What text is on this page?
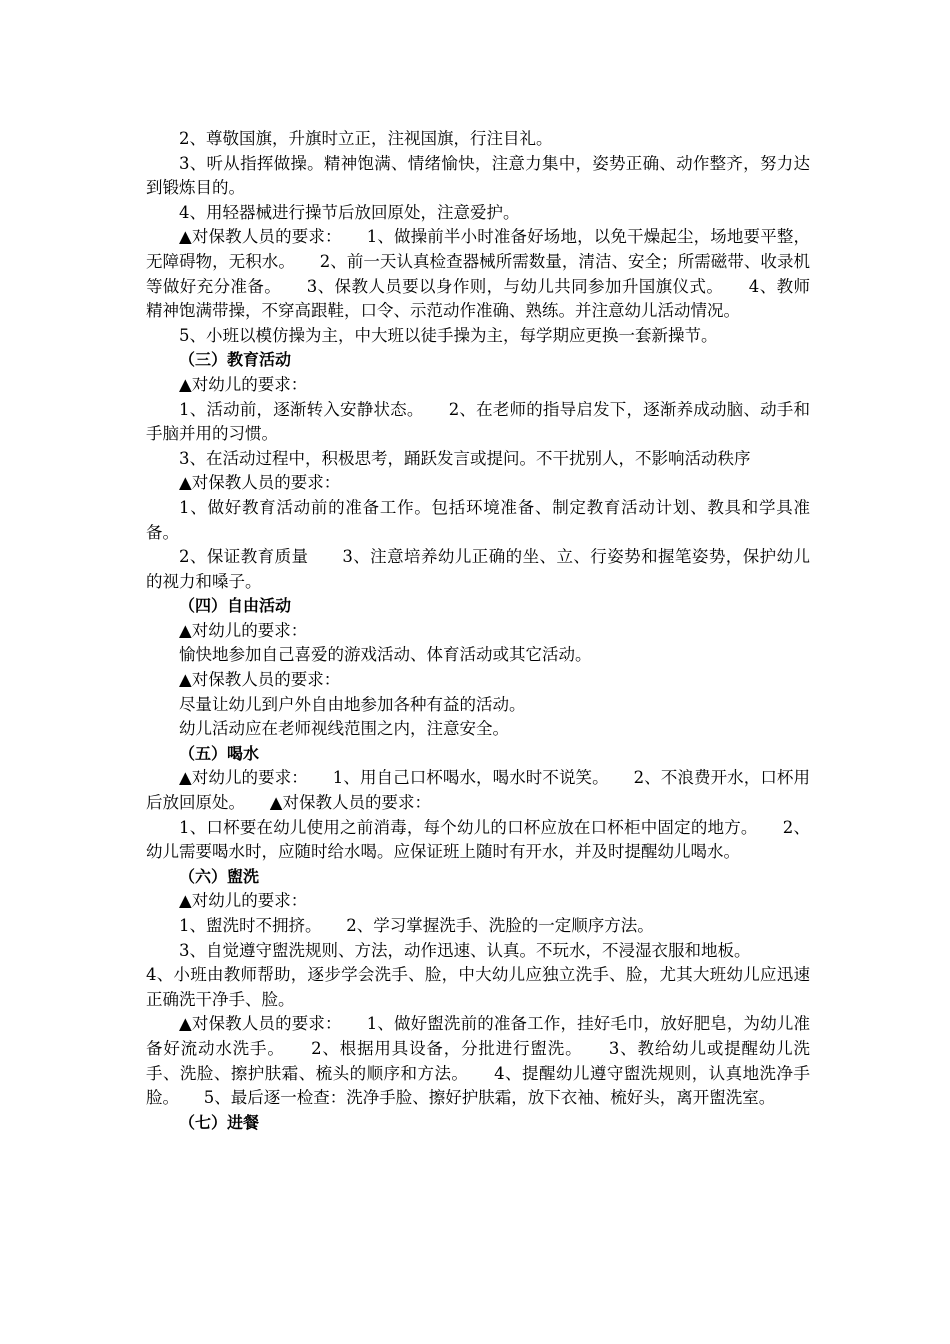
2、尊敬国旗，升旗时立正，注视国旗，行注目礼。

3、听从指挥做操。精神饱满、情绪愉快，注意力集中，姿势正确、动作整齐，努力达到锻炼目的。

4、用轻器械进行操节后放回原处，注意爱护。

▲对保教人员的要求：　　1、做操前半小时准备好场地，以免干燥起尘，场地要平整，无障碍物，无积水。　　2、前一天认真检查器械所需数量，清洁、安全；所需磁带、收录机等做好充分准备。　　3、保教人员要以身作则，与幼儿共同参加升国旗仪式。　　4、教师精神饱满带操，不穿高跟鞋，口令、示范动作准确、熟练。并注意幼儿活动情况。

5、小班以模仿操为主，中大班以徒手操为主，每学期应更换一套新操节。

（三）教育活动

▲对幼儿的要求：

1、活动前，逐渐转入安静状态。　　2、在老师的指导启发下，逐渐养成动脑、动手和手脑并用的习惯。

3、在活动过程中，积极思考，踊跃发言或提问。不干扰别人，不影响活动秩序

▲对保教人员的要求：

1、做好教育活动前的准备工作。包括环境准备、制定教育活动计划、教具和学具准备。

2、保证教育质量　　3、注意培养幼儿正确的坐、立、行姿势和握笔姿势，保护幼儿的视力和嗓子。

（四）自由活动

▲对幼儿的要求：

愉快地参加自己喜爱的游戏活动、体育活动或其它活动。

▲对保教人员的要求：

尽量让幼儿到户外自由地参加各种有益的活动。

幼儿活动应在老师视线范围之内，注意安全。

（五）喝水

▲对幼儿的要求：　　1、用自己口杯喝水，喝水时不说笑。　　2、不浪费开水，口杯用后放回原处。　　▲对保教人员的要求：

1、口杯要在幼儿使用之前消毒，每个幼儿的口杯应放在口杯柜中固定的地方。　　2、幼儿需要喝水时，应随时给水喝。应保证班上随时有开水，并及时提醒幼儿喝水。

（六）盥洗

▲对幼儿的要求：

1、盥洗时不拥挤。　　2、学习掌握洗手、洗脸的一定顺序方法。

3、自觉遵守盥洗规则、方法，动作迅速、认真。不玩水，不浸湿衣服和地板。

4、小班由教师帮助，逐步学会洗手、脸，中大幼儿应独立洗手、脸，尤其大班幼儿应迅速正确洗干净手、脸。

▲对保教人员的要求：　　1、做好盥洗前的准备工作，挂好毛巾，放好肥皂，为幼儿准备好流动水洗手。　　2、根据用具设备，分批进行盥洗。　　3、教给幼儿或提醒幼儿洗手、洗脸、擦护肤霜、梳头的顺序和方法。　　4、提醒幼儿遵守盥洗规则，认真地洗净手脸。　　5、最后逐一检查：洗净手脸、擦好护肤霜，放下衣袖、梳好头，离开盥洗室。

（七）进餐
